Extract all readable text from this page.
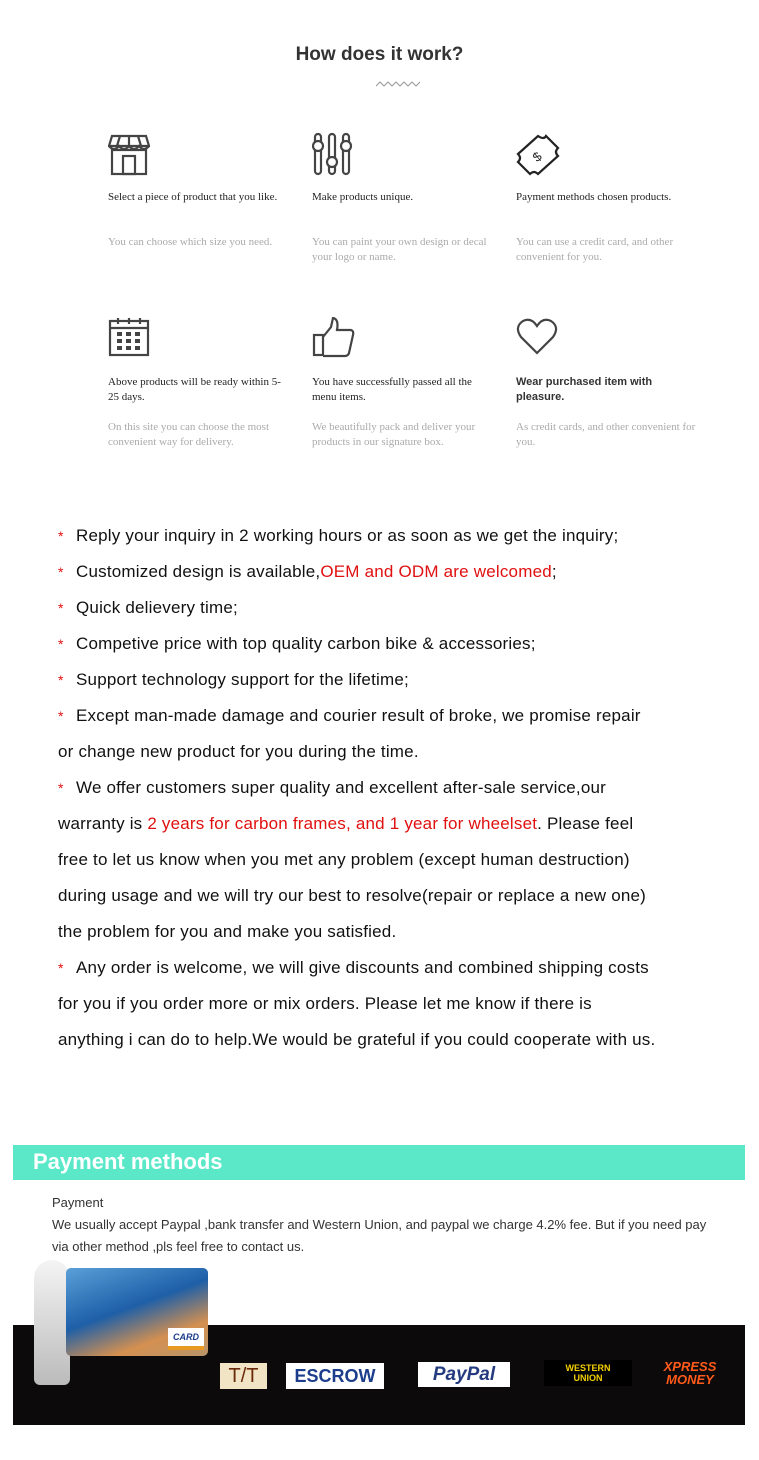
How does it work?
Select a piece of product that you like.
You can choose which size you need.
Make products unique.
You can paint your own design or decal your logo or name.
$
Payment methods chosen products.
You can use a credit card, and other convenient for you.
Above products will be ready within 5-25 days.
On this site you can choose the most convenient way for delivery.
You have successfully passed all the menu items.
We beautifully pack and deliver your products in our signature box.
Wear purchased item with pleasure.
As credit cards, and other convenient for you.
* Reply your inquiry in 2 working hours or as soon as we get the inquiry;
* Customized design is available,OEM and ODM are welcomed;
* Quick delievery time;
* Competive price with top quality carbon bike & accessories;
* Support technology support for the lifetime;
* Except man-made damage and courier result of broke, we promise repair
or change new product for you during the time.
* We offer customers super quality and excellent after-sale service,our
warranty is 2 years for carbon frames, and 1 year for wheelset. Please feel
free to let us know when you met any problem (except human destruction)
during usage and we will try our best to resolve(repair or replace a new one)
the problem for you and make you satisfied.
* Any order is welcome, we will give discounts and combined shipping costs
for you if you order more or mix orders. Please let me know if there is
anything i can do to help.We would be grateful if you could cooperate with us.
Payment methods
Payment
We usually accept Paypal ,bank transfer and Western Union, and paypal we charge 4.2% fee. But if you need pay via other method ,pls feel free to contact us.
CARD
T/T	ESCROW	PayPal	WESTERN UNION
XPRESS MONEY
